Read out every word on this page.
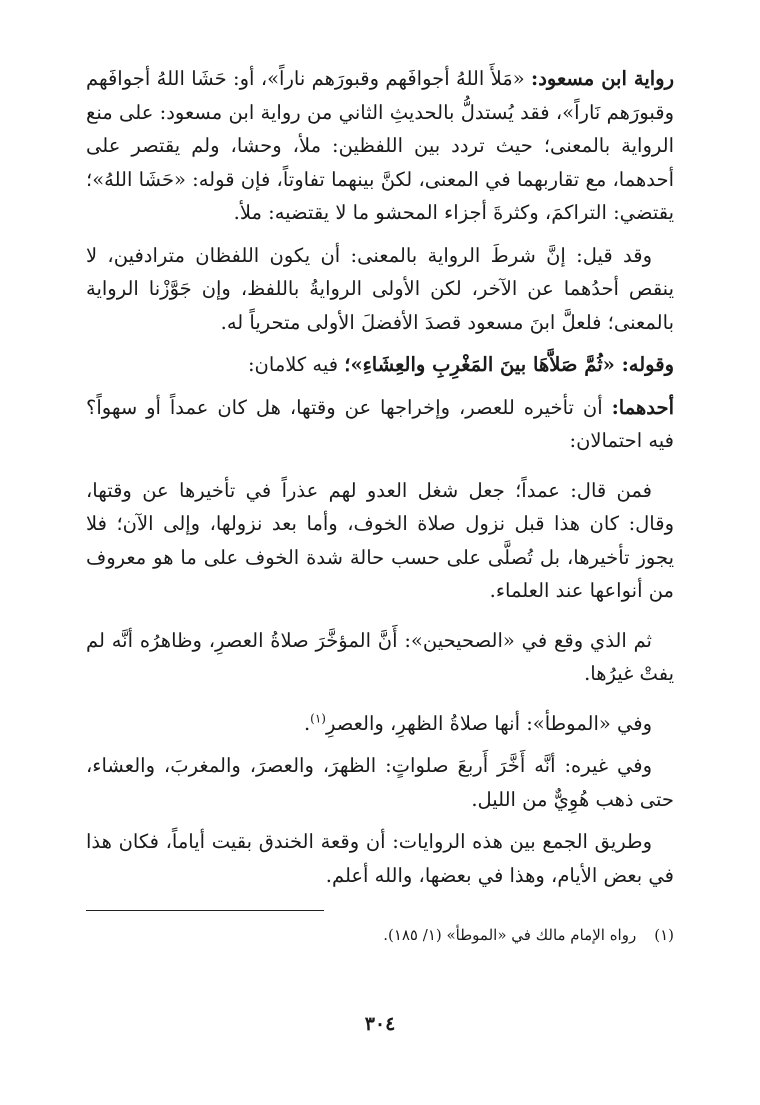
رواية ابن مسعود: «مَلأَ اللهُ أجوافَهم وقبورَهم ناراً»، أو: حَشَا اللهُ أجوافَهم وقبورَهم نَاراً»، فقد يُستدلُّ بالحديثِ الثاني من رواية ابن مسعود: على منع الرواية بالمعنى؛ حيث تردد بين اللفظين: ملأ، وحشا، ولم يقتصر على أحدهما، مع تقاربهما في المعنى، لكنَّ بينهما تفاوتاً، فإن قوله: «حَشَا اللهُ»؛ يقتضي: التراكمَ، وكثرةَ أجزاء المحشو ما لا يقتضيه: ملأ.

وقد قيل: إنَّ شرطَ الرواية بالمعنى: أن يكون اللفظان مترادفين، لا ينقص أحدُهما عن الآخر، لكن الأولى الروايةُ باللفظ، وإن جَوَّزْنا الرواية بالمعنى؛ فلعلَّ ابنَ مسعود قصدَ الأفضلَ الأولى متحرياً له.

وقوله: «ثُمَّ صَلاَّهَا بينَ المَغْرِبِ والعِشَاءِ»؛ فيه كلامان:

أحدهما: أن تأخيره للعصر، وإخراجها عن وقتها، هل كان عمداً أو سهواً؟ فيه احتمالان:

فمن قال: عمداً؛ جعل شغل العدو لهم عذراً في تأخيرها عن وقتها، وقال: كان هذا قبل نزول صلاة الخوف، وأما بعد نزولها، وإلى الآن؛ فلا يجوز تأخيرها، بل تُصلَّى على حسب حالة شدة الخوف على ما هو معروف من أنواعها عند العلماء.

ثم الذي وقع في «الصحيحين»: أَنَّ المؤخَّرَ صلاةُ العصرِ، وظاهرُه أنَّه لم يفتْ غيرُها.

وفي «الموطأ»: أنها صلاةُ الظهرِ، والعصرِ$^{(١)}$.

وفي غيره: أنَّه أَخَّرَ أَربعَ صلواتٍ: الظهرَ، والعصرَ، والمغربَ، والعشاء، حتى ذهب هُوِيٌّ من الليل.

وطريق الجمع بين هذه الروايات: أن وقعة الخندق بقيت أياماً، فكان هذا في بعض الأيام، وهذا في بعضها، والله أعلم.

(١)
رواه الإمام مالك في «الموطأ» (١/ ١٨٥).
٣٠٤
